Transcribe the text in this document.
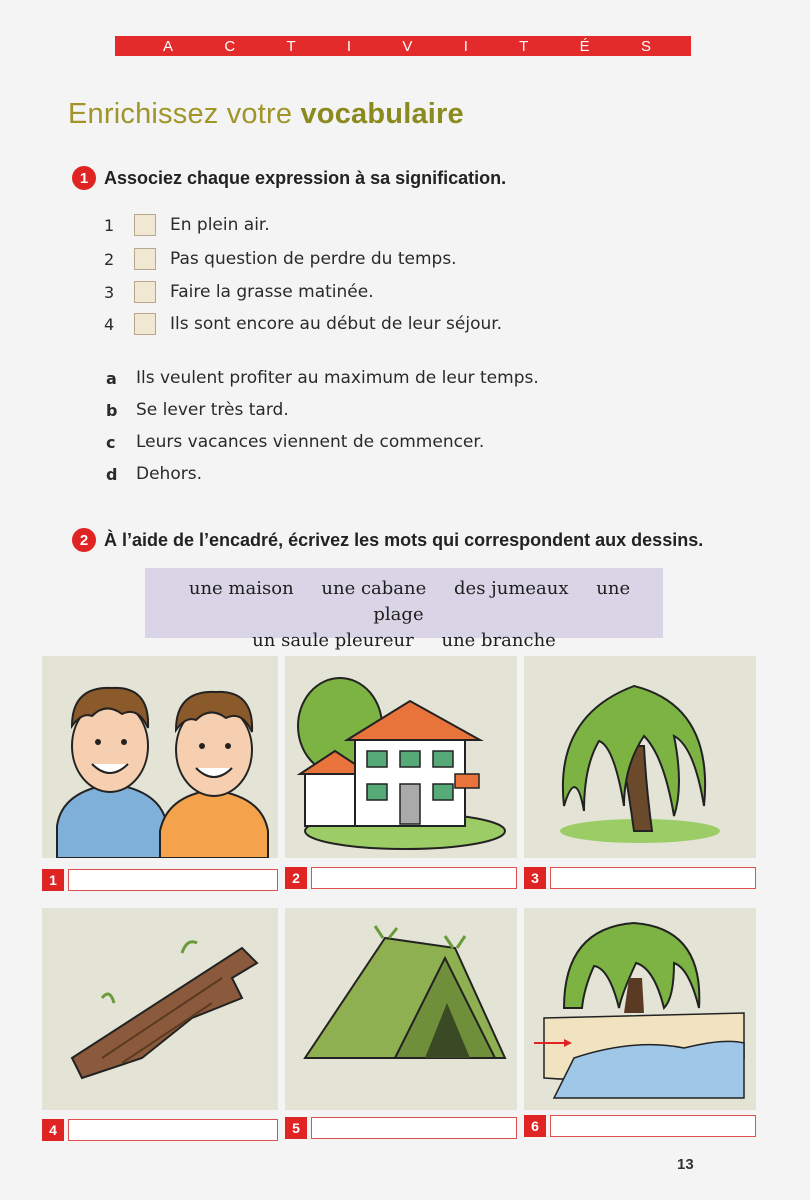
A	C	T	I	V	I	T	É	S
Enrichissez votre vocabulaire
1 Associez chaque expression à sa signification.
1	En plein air.
2	Pas question de perdre du temps.
3	Faire la grasse matinée.
4	Ils sont encore au début de leur séjour.
a	Ils veulent profiter au maximum de leur temps.
b	Se lever très tard.
c	Leurs vacances viennent de commencer.
d	Dehors.
2 À l’aide de l’encadré, écrivez les mots qui correspondent aux dessins.
une maison une cabane des jumeaux une plage
un saule pleureur une branche
1	2	3
4	5	6
13
